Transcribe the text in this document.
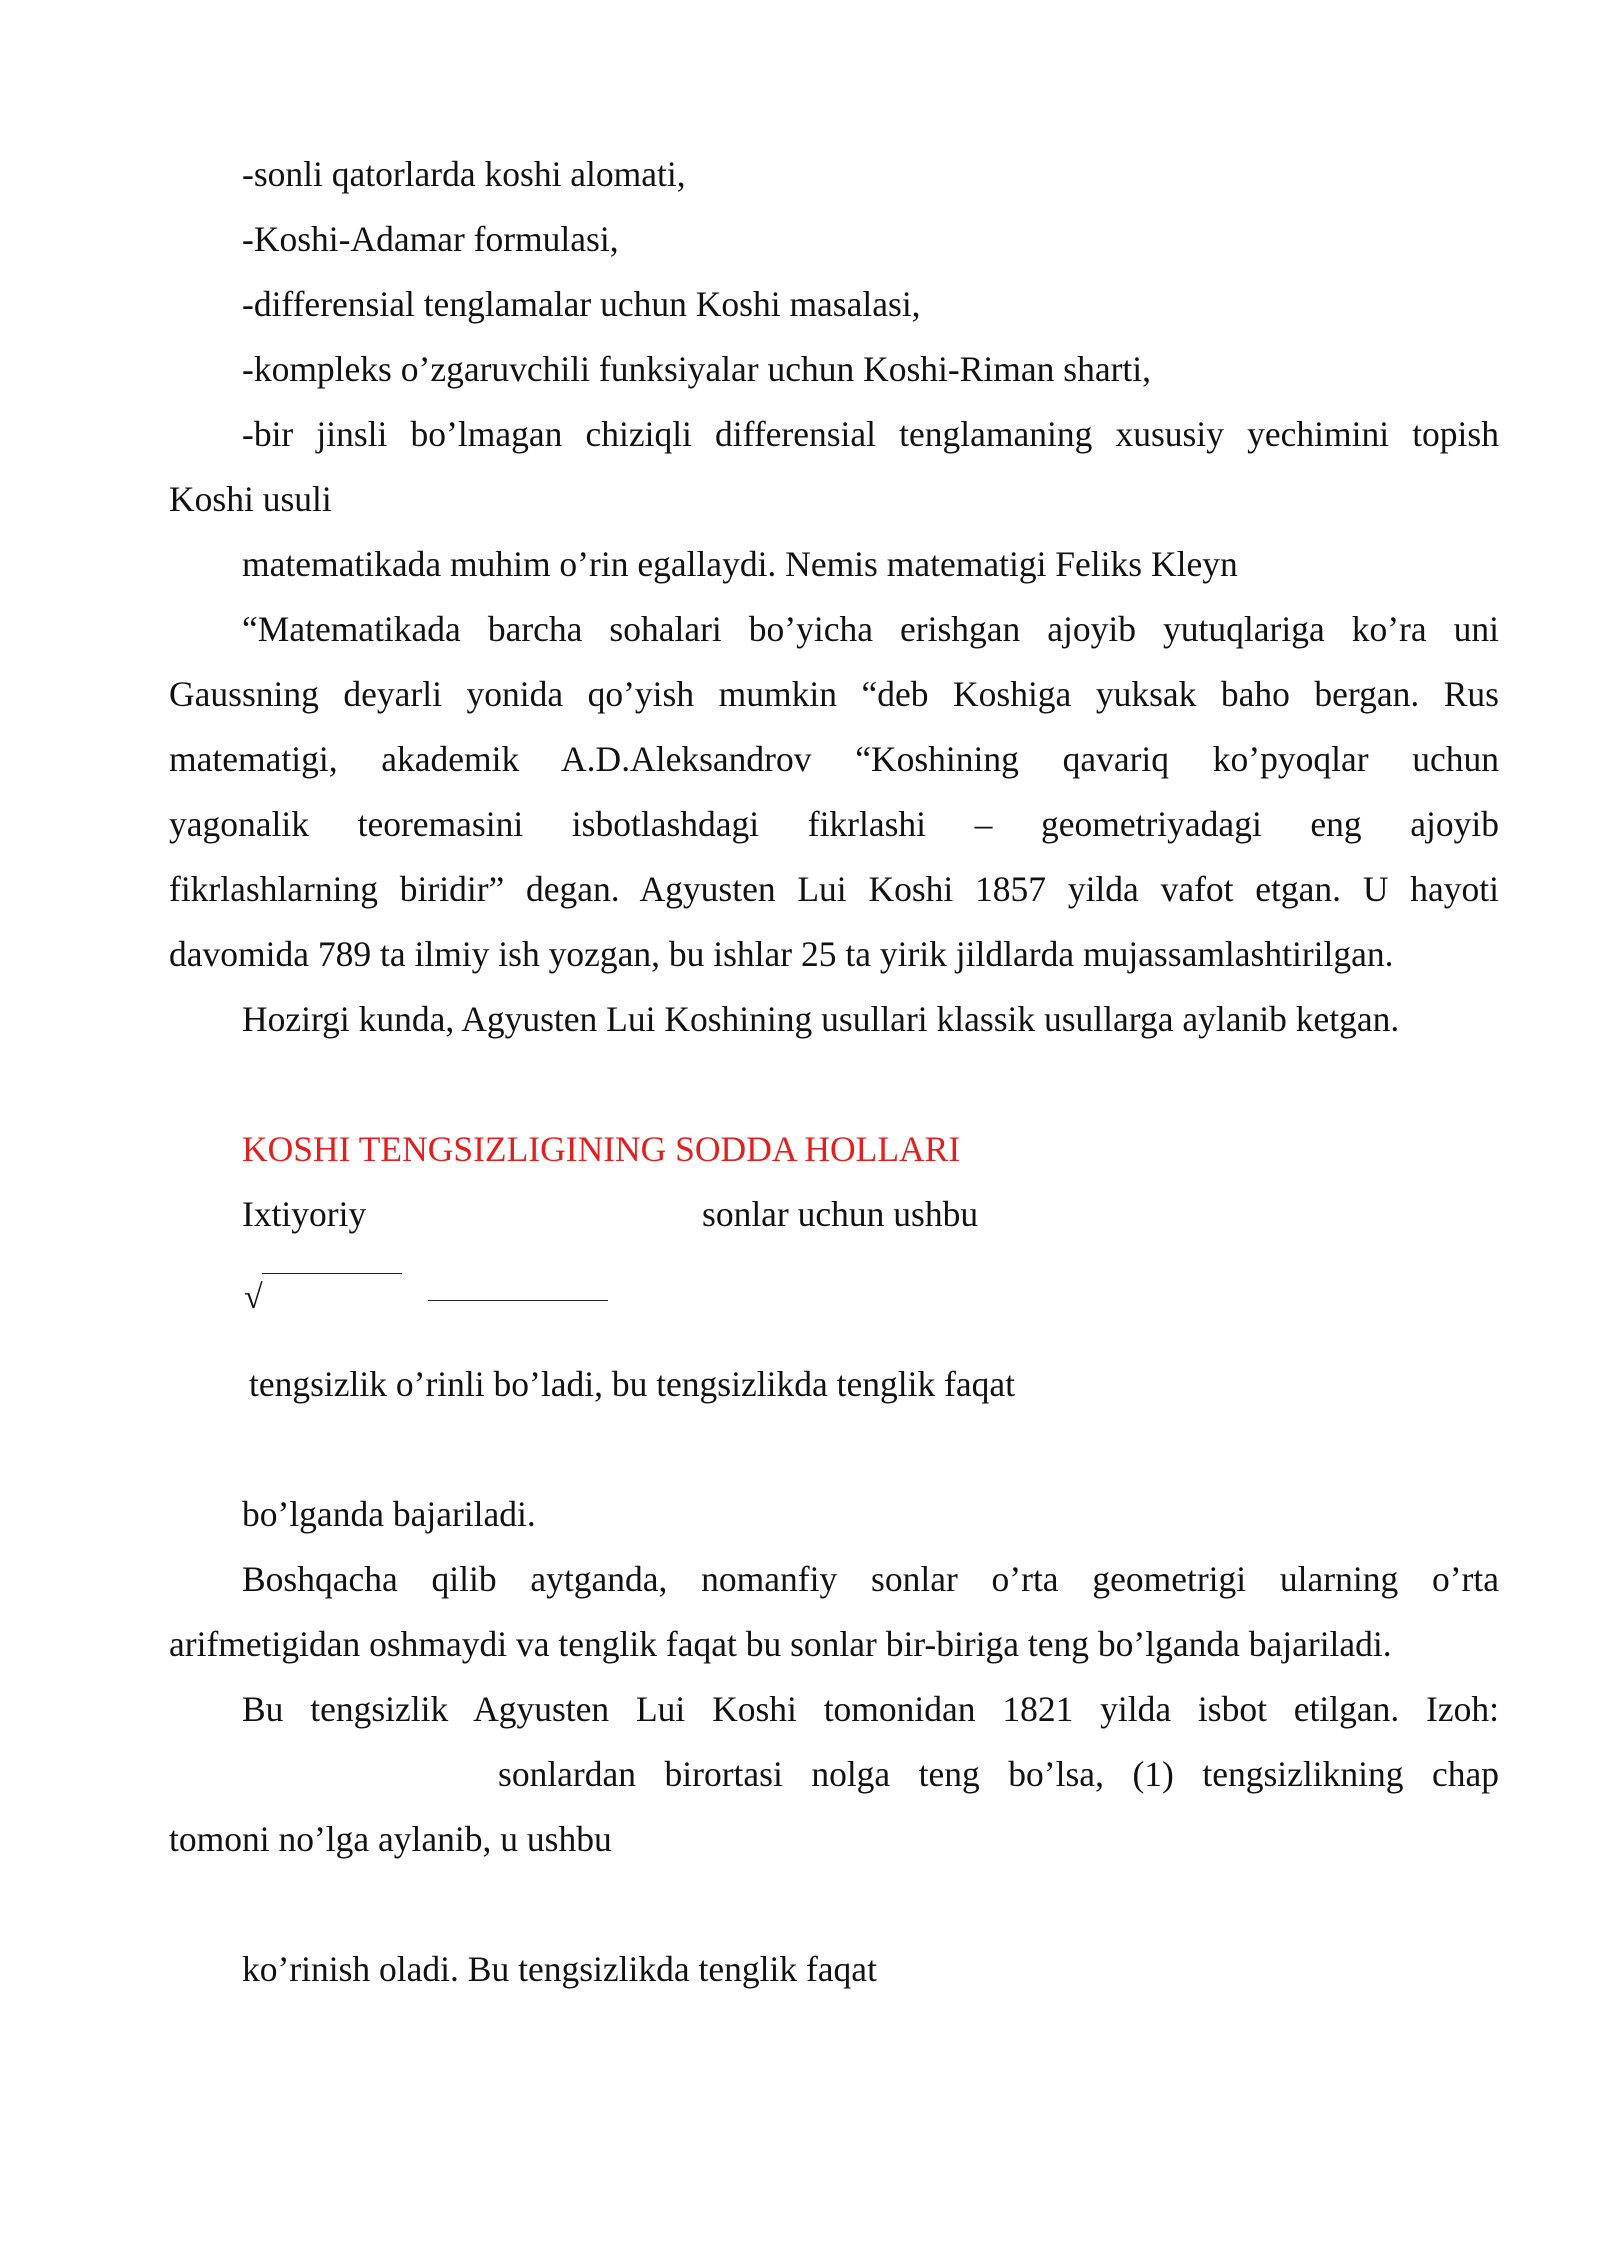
-sonli qatorlarda koshi alomati,
-Koshi-Adamar formulasi,
-differensial tenglamalar uchun Koshi masalasi,
-kompleks o’zgaruvchili funksiyalar uchun Koshi-Riman sharti,
-bir jinsli bo’lmagan chiziqli differensial tenglamaning xususiy yechimini topish
Koshi usuli
matematikada muhim o’rin egallaydi. Nemis matematigi Feliks Kleyn
“Matematikada barcha sohalari bo’yicha erishgan ajoyib yutuqlariga ko’ra uni
Gaussning deyarli yonida qo’yish mumkin “deb Koshiga yuksak baho bergan. Rus
matematigi, akademik A.D.Aleksandrov “Koshining qavariq ko’pyoqlar uchun
yagonalik teoremasini isbotlashdagi fikrlashi – geometriyadagi eng ajoyib
fikrlashlarning biridir” degan. Agyusten Lui Koshi 1857 yilda vafot etgan. U hayoti
davomida 789 ta ilmiy ish yozgan, bu ishlar 25 ta yirik jildlarda mujassamlashtirilgan.
Hozirgi kunda, Agyusten Lui Koshining usullari klassik usullarga aylanib ketgan.
KOSHI TENGSIZLIGINING SODDA HOLLARI
Ixtiyoriy	sonlar uchun ushbu
√
tengsizlik o’rinli bo’ladi, bu tengsizlikda tenglik faqat
bo’lganda bajariladi.
Boshqacha qilib aytganda, nomanfiy sonlar o’rta geometrigi ularning o’rta
arifmetigidan oshmaydi va tenglik faqat bu sonlar bir-biriga teng bo’lganda bajariladi.
Bu tengsizlik Agyusten Lui Koshi tomonidan 1821 yilda isbot etilgan. Izoh:
sonlardan birortasi nolga teng bo’lsa, (1) tengsizlikning chap
tomoni no’lga aylanib, u ushbu
ko’rinish oladi. Bu tengsizlikda tenglik faqat
